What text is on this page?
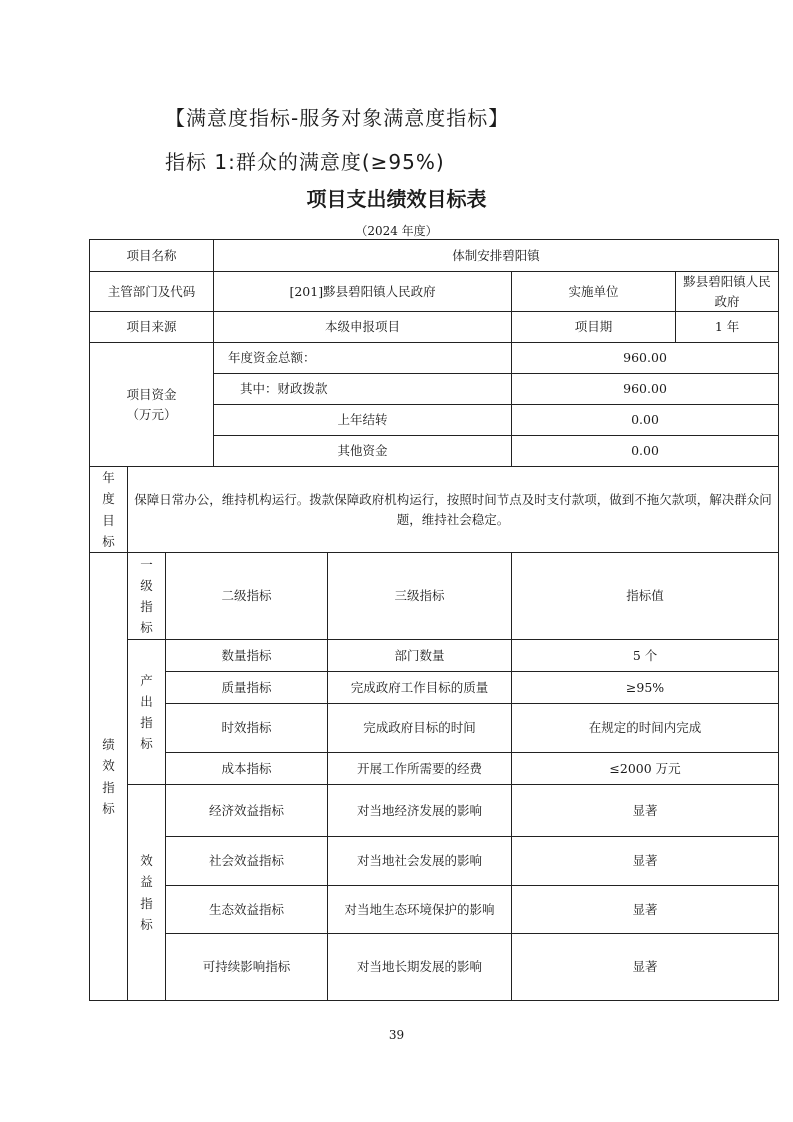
【满意度指标-服务对象满意度指标】
指标 1:群众的满意度(≥95%)
项目支出绩效目标表
（2024 年度）
项目名称			体制安排碧阳镇			
主管部门及代码			[201]黟县碧阳镇人民政府		实施单位	黟县碧阳镇人民政府
项目来源			本级申报项目		项目期	1 年

项目资金
（万元）			年度资金总额：		960.00	
			其中：财政拨款		960.00	
			上年结转		0.00	
			其他资金		0.00	
年度目标	保障日常办公，维持机构运行。拨款保障政府机构运行，按照时间节点及时支付款项，做到不拖欠款项，解决群众问题，维持社会稳定。					
绩效指标	一级指标	二级指标		三级指标	指标值	
	产出指标	数量指标		部门数量	5 个	
		质量指标		完成政府工作目标的质量	≥95%	
		时效指标		完成政府目标的时间	在规定的时间内完成	
		成本指标		开展工作所需要的经费	≤2000 万元	
	效益指标	经济效益指标		对当地经济发展的影响	显著	
		社会效益指标		对当地社会发展的影响	显著	
		生态效益指标		对当地生态环境保护的影响	显著	
		可持续影响指标		对当地长期发展的影响	显著	
39
